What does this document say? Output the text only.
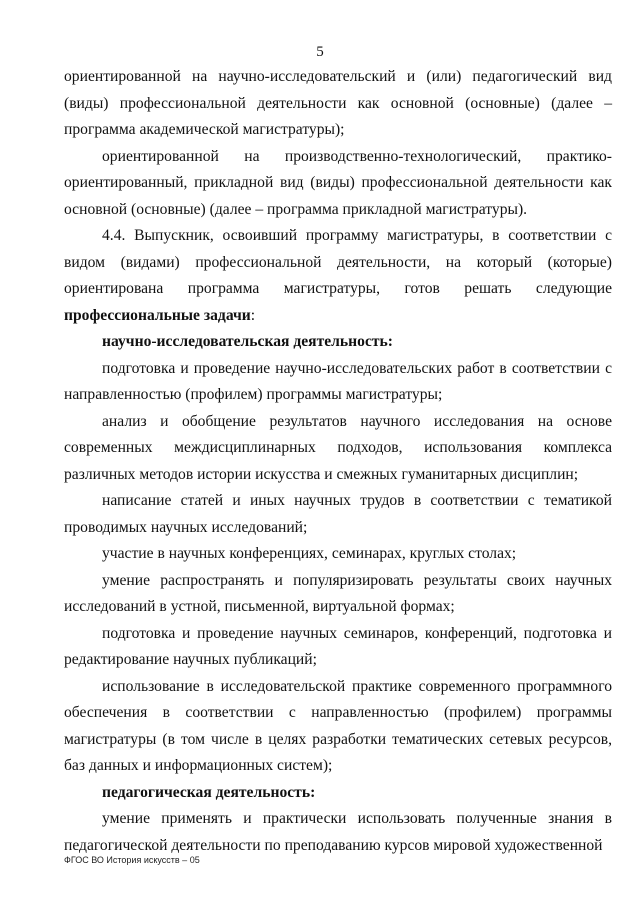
5

ориентированной на научно-исследовательский и (или) педагогический вид (виды) профессиональной деятельности как основной (основные) (далее – программа академической магистратуры);

ориентированной на производственно-технологический, практико-ориентированный, прикладной вид (виды) профессиональной деятельности как основной (основные) (далее – программа прикладной магистратуры).

4.4. Выпускник, освоивший программу магистратуры, в соответствии с видом (видами) профессиональной деятельности, на который (которые) ориентирована программа магистратуры, готов решать следующие профессиональные задачи:

научно-исследовательская деятельность:

подготовка и проведение научно-исследовательских работ в соответствии с направленностью (профилем) программы магистратуры;

анализ и обобщение результатов научного исследования на основе современных междисциплинарных подходов, использования комплекса различных методов истории искусства и смежных гуманитарных дисциплин;

написание статей и иных научных трудов в соответствии с тематикой проводимых научных исследований;

участие в научных конференциях, семинарах, круглых столах;

умение распространять и популяризировать результаты своих научных исследований в устной, письменной, виртуальной формах;

подготовка и проведение научных семинаров, конференций, подготовка и редактирование научных публикаций;

использование в исследовательской практике современного программного обеспечения в соответствии с направленностью (профилем) программы магистратуры (в том числе в целях разработки тематических сетевых ресурсов, баз данных и информационных систем);

педагогическая деятельность:

умение применять и практически использовать полученные знания в педагогической деятельности по преподаванию курсов мировой художественной

ФГОС ВО История искусств – 05
